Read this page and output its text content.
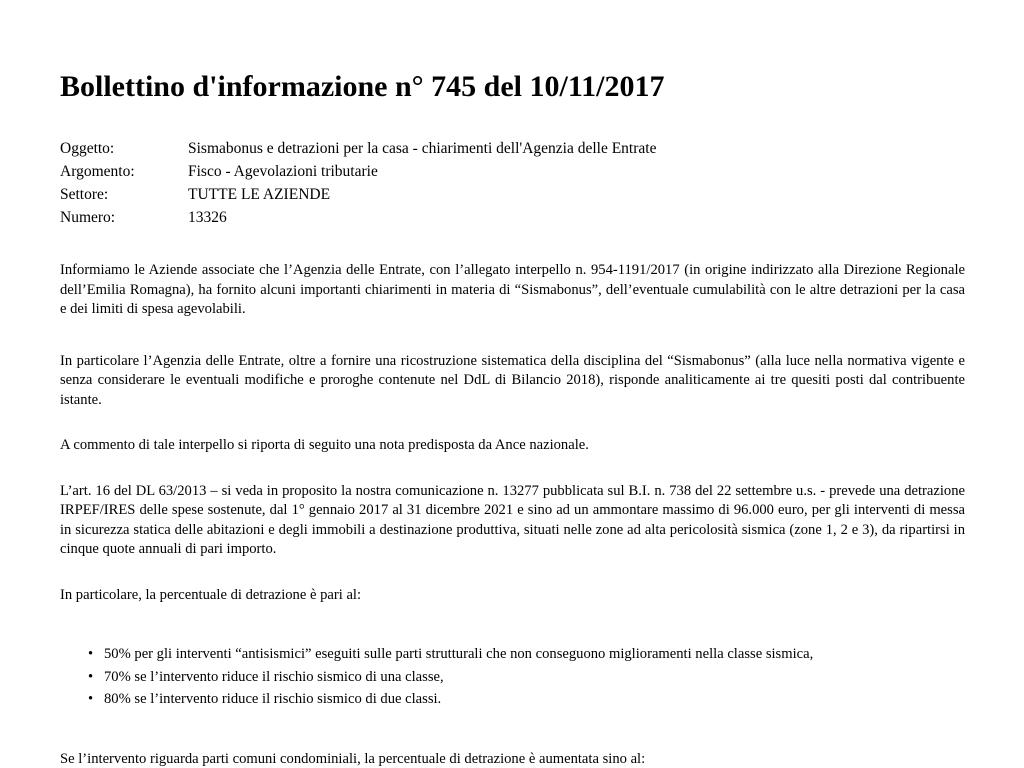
Bollettino d'informazione n° 745 del 10/11/2017
Oggetto:	Sismabonus e detrazioni per la casa - chiarimenti dell'Agenzia delle Entrate
Argomento:	Fisco - Agevolazioni tributarie
Settore:	TUTTE LE AZIENDE
Numero:	13326

Informiamo le Aziende associate che l’Agenzia delle Entrate, con l’allegato interpello n. 954-1191/2017 (in origine indirizzato alla Direzione Regionale dell’Emilia Romagna), ha fornito alcuni importanti chiarimenti in materia di “Sismabonus”, dell’eventuale cumulabilità con le altre detrazioni per la casa e dei limiti di spesa agevolabili.

In particolare l’Agenzia delle Entrate, oltre a fornire una ricostruzione sistematica della disciplina del “Sismabonus” (alla luce nella normativa vigente e senza considerare le eventuali modifiche e proroghe contenute nel DdL di Bilancio 2018), risponde analiticamente ai tre quesiti posti dal contribuente istante.

A commento di tale interpello si riporta di seguito una nota predisposta da Ance nazionale.

L’art. 16 del DL 63/2013 – si veda in proposito la nostra comunicazione n. 13277 pubblicata sul B.I. n. 738 del 22 settembre u.s. - prevede una detrazione IRPEF/IRES delle spese sostenute, dal 1° gennaio 2017 al 31 dicembre 2021 e sino ad un ammontare massimo di 96.000 euro, per gli interventi di messa in sicurezza statica delle abitazioni e degli immobili a destinazione produttiva, situati nelle zone ad alta pericolosità sismica (zone 1, 2 e 3), da ripartirsi in cinque quote annuali di pari importo.

In particolare, la percentuale di detrazione è pari al:

• 50% per gli interventi “antisismici” eseguiti sulle parti strutturali che non conseguono miglioramenti nella classe sismica,
• 70% se l’intervento riduce il rischio sismico di una classe,
• 80% se l’intervento riduce il rischio sismico di due classi.

Se l’intervento riguarda parti comuni condominiali, la percentuale di detrazione è aumentata sino al:
